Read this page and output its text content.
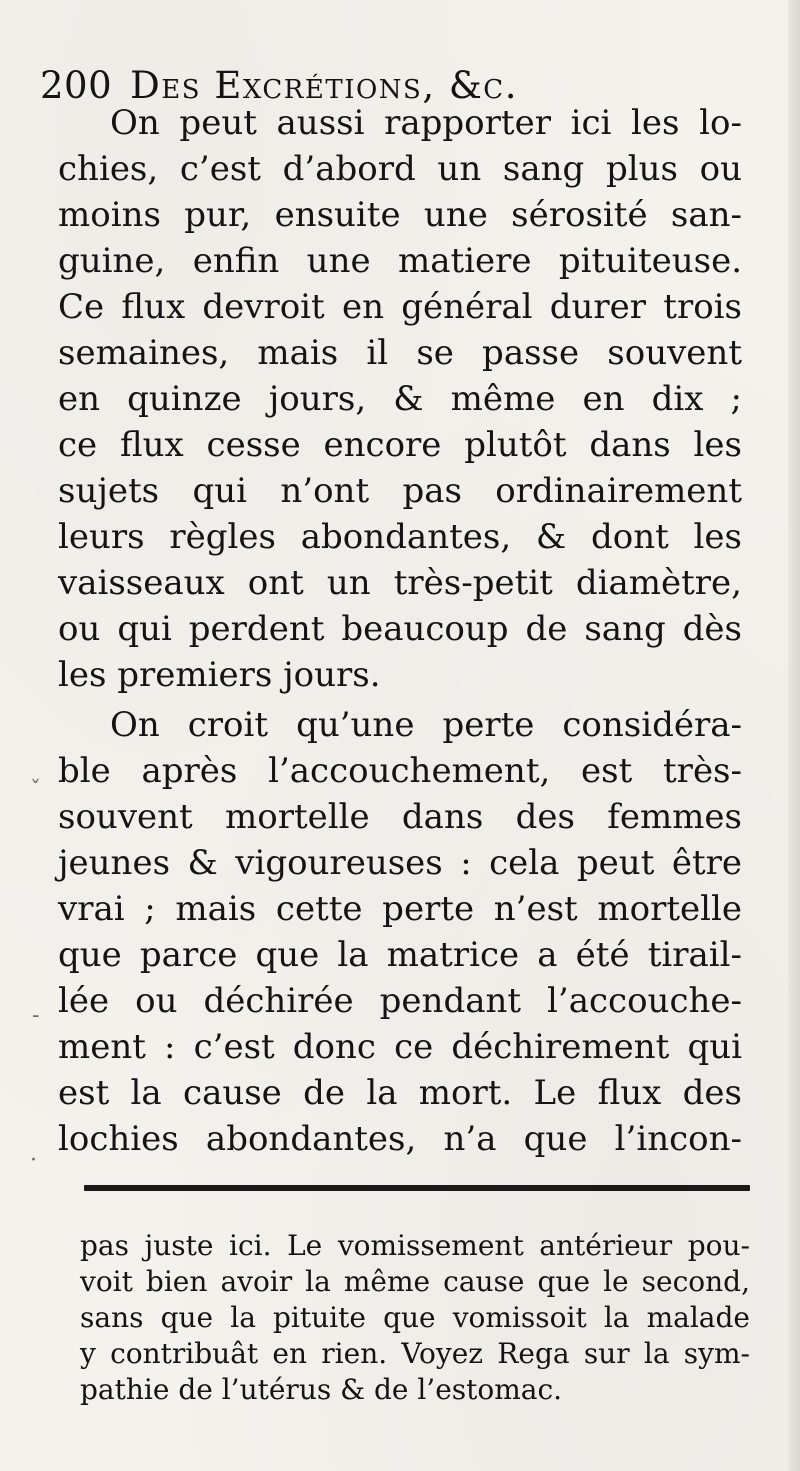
200 Des Excrétions, &c.
On peut aussi rapporter ici les lo-
chies, c’est d’abord un sang plus ou
moins pur, ensuite une sérosité san-
guine, enfin une matiere pituiteuse.
Ce flux devroit en général durer trois
semaines, mais il se passe souvent
en quinze jours, & même en dix ;
ce flux cesse encore plutôt dans les
sujets qui n’ont pas ordinairement
leurs règles abondantes, & dont les
vaisseaux ont un très-petit diamètre,
ou qui perdent beaucoup de sang dès
les premiers jours.
On croit qu’une perte considéra-
ble après l’accouchement, est très-
souvent mortelle dans des femmes
jeunes & vigoureuses : cela peut être
vrai ; mais cette perte n’est mortelle
que parce que la matrice a été tirail-
lée ou déchirée pendant l’accouche-
ment : c’est donc ce déchirement qui
est la cause de la mort. Le flux des
lochies abondantes, n’a que l’incon-
pas juste ici. Le vomissement antérieur pou-
voit bien avoir la même cause que le second,
sans que la pituite que vomissoit la malade
y contribuât en rien. Voyez Rega sur la sym-
pathie de l’utérus & de l’estomac.
ˇ
-
·
